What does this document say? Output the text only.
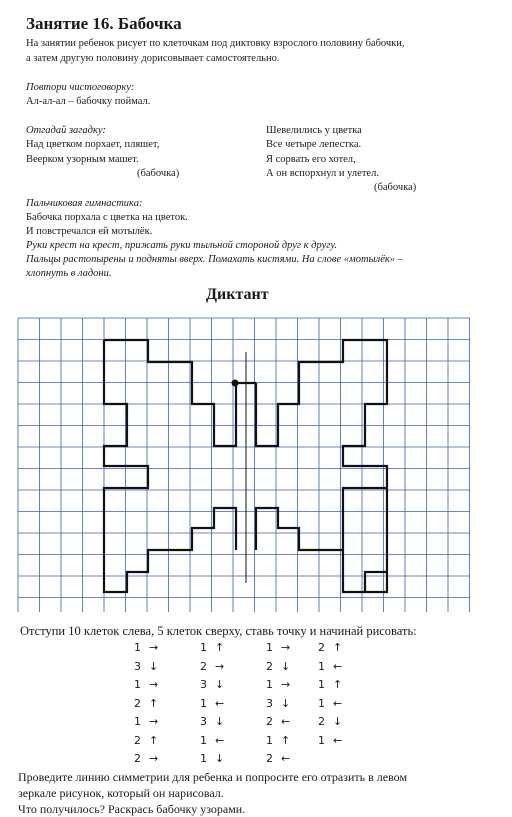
Занятие 16. Бабочка
На занятии ребенок рисует по клеточкам под диктовку взрослого половину бабочки,
а затем другую половину дорисовывает самостоятельно.
Повтори чистоговорку:
Ал-ал-ал – бабочку поймал.
Отгадай загадку:
Над цветком порхает, пляшет,
Веерком узорным машет.
(бабочка)
Шевелились у цветка
Все четыре лепестка.
Я сорвать его хотел,
А он вспорхнул и улетел.
(бабочка)
Пальчиковая гимнастика:
Бабочка порхала с цветка на цветок.
И повстречался ей мотылёк.
Руки крест на крест, прижать руки тыльной стороной друг к другу.
Пальцы растопырены и подняты вверх. Помахать кистями. На слове «мотылёк» –
хлопнуть в ладони.
Диктант
Отступи 10 клеток слева, 5 клеток сверху, ставь точку и начинай рисовать:
1 →
3 ↓
1 →
2 ↑
1 →
2 ↑
2 →
1 ↑
2 →
3 ↓
1 ←
3 ↓
1 ←
1 ↓
1 →
2 ↓
1 →
3 ↓
2 ←
1 ↑
2 ←
2 ↑
1 ←
1 ↑
1 ←
2 ↓
1 ←
Проведите линию симметрии для ребенка и попросите его отразить в левом
зеркале рисунок, который он нарисовал.
Что получилось? Раскрась бабочку узорами.
